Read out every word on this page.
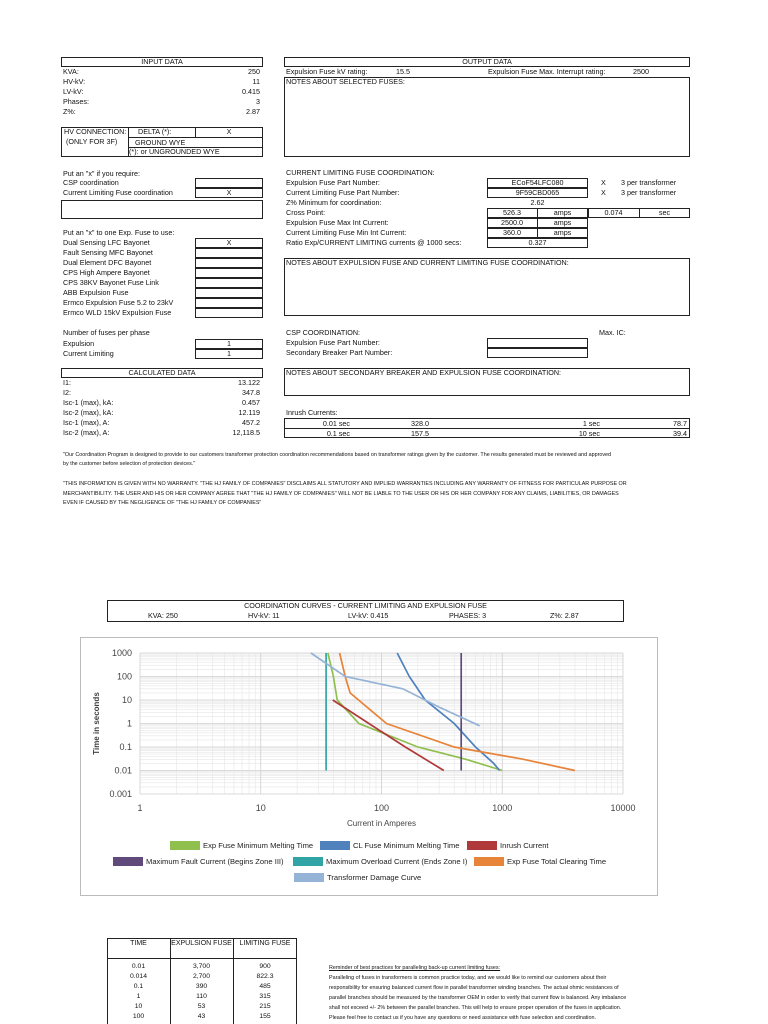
INPUT DATA
KVA:	250
HV-kV:	11
LV-kV:	0.415
Phases:	3
Z%:	2.87
HV CONNECTION:
(ONLY FOR 3F)
DELTA (*):	X
GROUND WYE
(*): or UNGROUNDED WYE
Put an "x" if you require:
CSP coordination
Current Limiting Fuse coordination	X
Put an "x" to one Exp. Fuse to use:
Dual Sensing LFC Bayonet	X
Fault Sensing MFC Bayonet
Dual Element DFC Bayonet
CPS High Ampere Bayonet
CPS 38KV Bayonet Fuse Link
ABB Expulsion Fuse
Ermco Expulsion Fuse 5.2 to 23kV
Ermco WLD 15kV Expulsion Fuse
Number of fuses per phase
Expulsion	1
Current Limiting	1
CALCULATED DATA
I1:	13.122
I2:	347.8
Isc-1 (max), kA:	0.457
Isc-2 (max), kA:	12.119
Isc-1 (max), A:	457.2
Isc-2 (max), A:	12,118.5
OUTPUT DATA
Expulsion Fuse kV rating:	15.5	Expulsion Fuse Max. Interrupt rating:	2500
NOTES ABOUT SELECTED FUSES:
CURRENT LIMITING FUSE COORDINATION:
Expulsion Fuse Part Number:	ECoF54LFC080	X 3 per transformer
Current Limiting Fuse Part Number:	9F59CBD065	X 3 per transformer
Z% Minimum for coordination:	2.62
Cross Point:	526.3	amps	0.074	sec
Expulsion Fuse Max Int Current:	2500.0	amps
Current Limiting Fuse Min Int Current:	360.0	amps
Ratio Exp/CURRENT LIMITING currents @ 1000 secs:	0.327
NOTES ABOUT EXPULSION FUSE AND CURRENT LIMITING FUSE COORDINATION:
CSP COORDINATION:	Max. IC:
Expulsion Fuse Part Number:
Secondary Breaker Part Number:
NOTES ABOUT SECONDARY BREAKER AND EXPULSION FUSE COORDINATION:
Inrush Currents:
0.01 sec	328.0	1 sec	78.7
0.1 sec	157.5	10 sec	39.4
"Our Coordination Program is designed to provide to our customers transformer protection coordination recommendations based on transformer ratings given by the customer. The results generated must be reviewed and approved
by the customer before selection of protection devices."
"THIS INFORMATION IS GIVEN WITH NO WARRANTY. "THE HJ FAMILY OF COMPANIES" DISCLAIMS ALL STATUTORY AND IMPLIED WARRANTIES INCLUDING ANY WARRANTY OF FITNESS FOR PARTICULAR PURPOSE OR
MERCHANTIBILITY. THE USER AND HIS OR HER COMPANY AGREE THAT "THE HJ FAMILY OF COMPANIES" WILL NOT BE LIABLE TO THE USER OR HIS OR HER COMPANY FOR ANY CLAIMS, LIABILITIES, OR DAMAGES
EVEN IF CAUSED BY THE NEGLIGENCE OF "THE HJ FAMILY OF COMPANIES"
COORDINATION CURVES - CURRENT LIMITING AND EXPULSION FUSE
KVA: 250	HV-kV: 11	LV-kV: 0.415	PHASES: 3	Z%: 2.87
1	10	100	1000	10000
1000
100
10
1
0.1
0.01
0.001
Current in Amperes
Time in seconds
Exp Fuse Minimum Melting Time	CL Fuse Minimum Melting Time	Inrush Current
Maximum Fault Current (Begins Zone III)	Maximum Overload Current (Ends Zone I)	Exp Fuse Total Clearing Time
Transformer Damage Curve
TIME	EXPULSION FUSE	LIMITING FUSE
0.01	3,700	900
0.014	2,700	822.3
0.1	390	485
1	110	315
10	53	215
100	43	155
Reminder of best practices for paralleling back-up current limiting fuses:
Paralleling of fuses in transformers is common practice today, and we would like to remind our customers about their
responsibility for ensuring balanced current flow in parallel transformer winding branches. The actual ohmic resistances of
parallel branches should be measured by the transformer OEM in order to verify that current flow is balanced. Any imbalance
shall not exceed +/- 2% between the parallel branches. This will help to ensure proper operation of the fuses in application.
Please feel free to contact us if you have any questions or need assistance with fuse selection and coordination.
